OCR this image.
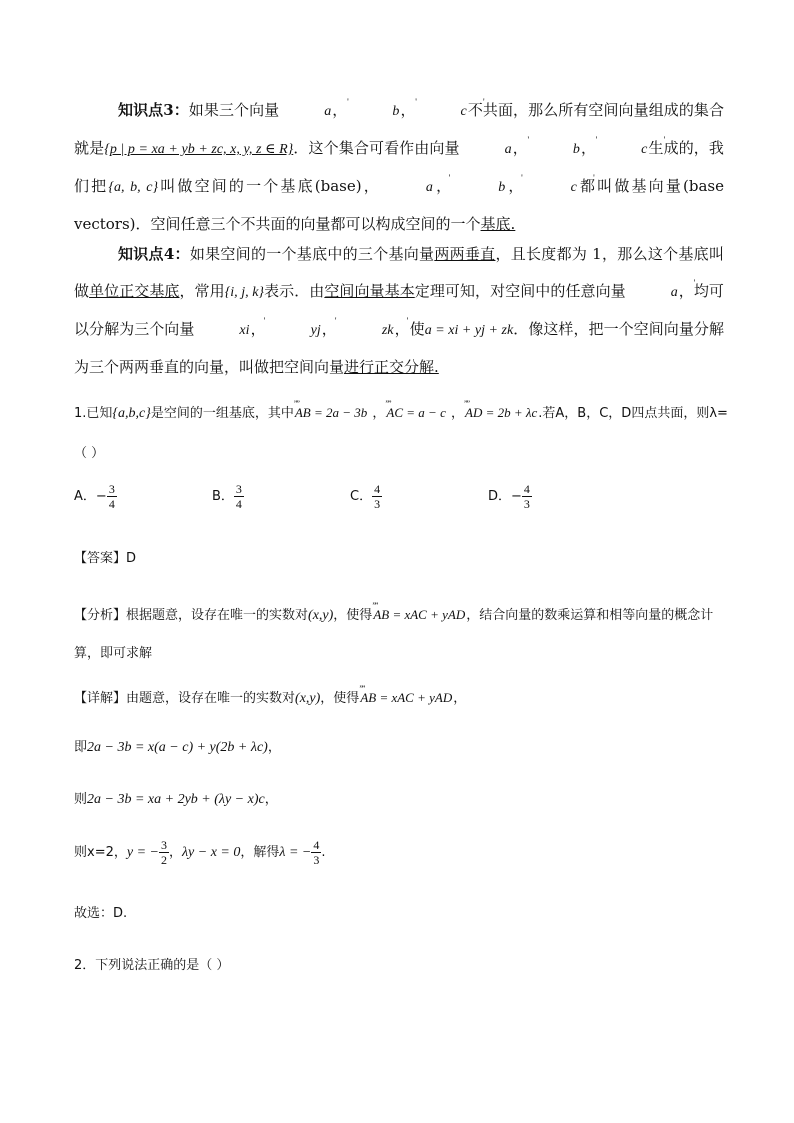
知识点3：如果三个向量	' a，	' b，	' c不共面，那么所有空间向量组成的集合就是{p | p = xa + yb + zc, x, y, z ∈ R}．这个集合可看作由向量	' a，	' b，	' c生成的，我们把{a, b, c}叫做空间的一个基底(base)，	' a，	' b，	' c都叫做基向量(base vectors)．空间任意三个不共面的向量都可以构成空间的一个基底.
知识点4：如果空间的一个基底中的三个基向量两两垂直，且长度都为 1，那么这个基底叫做单位正交基底，常用{i, j, k}表示．由空间向量基本定理可知，对空间中的任意向量	' a，均可以分解为三个向量	' xi，	' yj，	' zk，使a = xi + yj + zk．像这样，把一个空间向量分解为三个两两垂直的向量，叫做把空间向量进行正交分解.
1.已知{a,b,c}是空间的一组基底，其中”” AB = 2a − 3b ，”” AC = a − c ，”” AD = 2b + λc.若A，B，C，D四点共面，则λ=（ ）
A．− $\frac{3}{4}$	B． $\frac{3}{4}$	C． $\frac{4}{3}$	D．− $\frac{4}{3}$
【答案】D
【分析】根据题意，设存在唯一的实数对(x,y)，使得”” AB = xAC + yAD，结合向量的数乘运算和相等向量的概念计算，即可求解
【详解】由题意，设存在唯一的实数对(x,y)，使得”” AB = xAC + yAD，
即2a − 3b = x(a − c) + y(2b + λc)，
则2a − 3b = xa + 2yb + (λy − x)c，
则x=2，y = − $\frac{3}{2}$ ，λy − x = 0，解得λ = − $\frac{4}{3}$ .
故选：D.
2．下列说法正确的是（ ）
